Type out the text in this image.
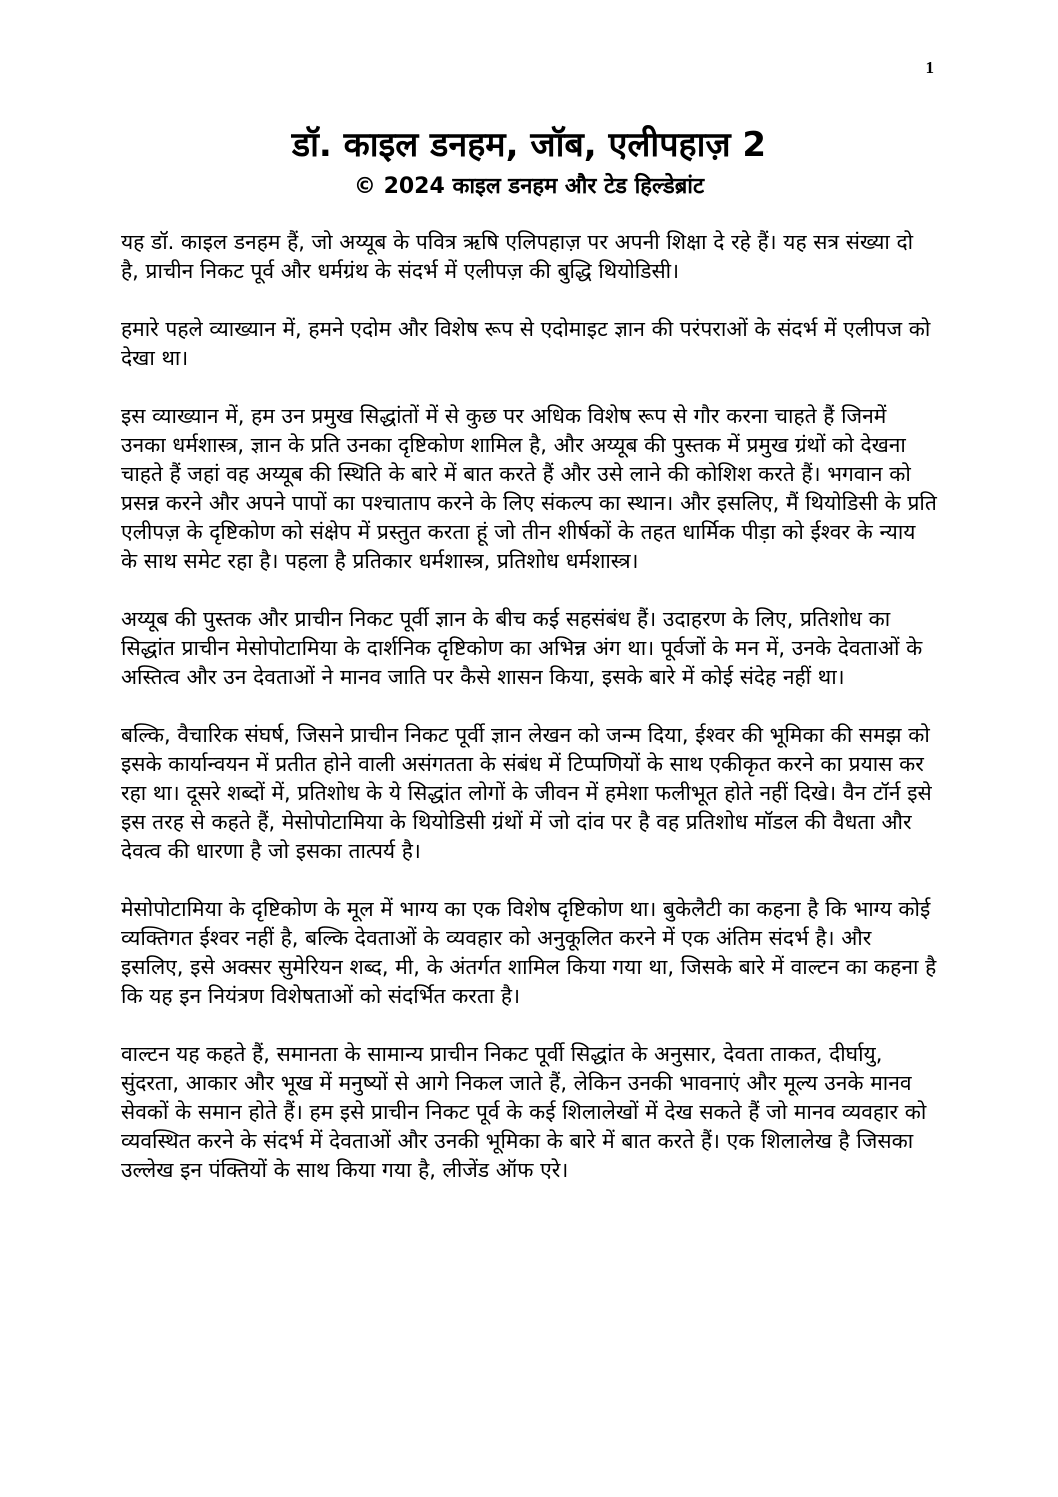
1
डॉ. काइल डनहम, जॉब, एलीपहाज़ 2
© 2024 काइल डनहम और टेड हिल्डेब्रांट

यह डॉ. काइल डनहम हैं, जो अय्यूब के पवित्र ऋषि एलिपहाज़ पर अपनी शिक्षा दे रहे हैं। यह सत्र संख्या दो है, प्राचीन निकट पूर्व और धर्मग्रंथ के संदर्भ में एलीपज़ की बुद्धि थियोडिसी।

हमारे पहले व्याख्यान में, हमने एदोम और विशेष रूप से एदोमाइट ज्ञान की परंपराओं के संदर्भ में एलीपज को देखा था।

इस व्याख्यान में, हम उन प्रमुख सिद्धांतों में से कुछ पर अधिक विशेष रूप से गौर करना चाहते हैं जिनमें उनका धर्मशास्त्र, ज्ञान के प्रति उनका दृष्टिकोण शामिल है, और अय्यूब की पुस्तक में प्रमुख ग्रंथों को देखना चाहते हैं जहां वह अय्यूब की स्थिति के बारे में बात करते हैं और उसे लाने की कोशिश करते हैं। भगवान को प्रसन्न करने और अपने पापों का पश्चाताप करने के लिए संकल्प का स्थान। और इसलिए, मैं थियोडिसी के प्रति एलीपज़ के दृष्टिकोण को संक्षेप में प्रस्तुत करता हूं जो तीन शीर्षकों के तहत धार्मिक पीड़ा को ईश्वर के न्याय के साथ समेट रहा है। पहला है प्रतिकार धर्मशास्त्र, प्रतिशोध धर्मशास्त्र।

अय्यूब की पुस्तक और प्राचीन निकट पूर्वी ज्ञान के बीच कई सहसंबंध हैं। उदाहरण के लिए, प्रतिशोध का सिद्धांत प्राचीन मेसोपोटामिया के दार्शनिक दृष्टिकोण का अभिन्न अंग था। पूर्वजों के मन में, उनके देवताओं के अस्तित्व और उन देवताओं ने मानव जाति पर कैसे शासन किया, इसके बारे में कोई संदेह नहीं था।

बल्कि, वैचारिक संघर्ष, जिसने प्राचीन निकट पूर्वी ज्ञान लेखन को जन्म दिया, ईश्वर की भूमिका की समझ को इसके कार्यान्वयन में प्रतीत होने वाली असंगतता के संबंध में टिप्पणियों के साथ एकीकृत करने का प्रयास कर रहा था। दूसरे शब्दों में, प्रतिशोध के ये सिद्धांत लोगों के जीवन में हमेशा फलीभूत होते नहीं दिखे। वैन टॉर्न इसे इस तरह से कहते हैं, मेसोपोटामिया के थियोडिसी ग्रंथों में जो दांव पर है वह प्रतिशोध मॉडल की वैधता और देवत्व की धारणा है जो इसका तात्पर्य है।

मेसोपोटामिया के दृष्टिकोण के मूल में भाग्य का एक विशेष दृष्टिकोण था। बुकेलैटी का कहना है कि भाग्य कोई व्यक्तिगत ईश्वर नहीं है, बल्कि देवताओं के व्यवहार को अनुकूलित करने में एक अंतिम संदर्भ है। और इसलिए, इसे अक्सर सुमेरियन शब्द, मी, के अंतर्गत शामिल किया गया था, जिसके बारे में वाल्टन का कहना है कि यह इन नियंत्रण विशेषताओं को संदर्भित करता है।

वाल्टन यह कहते हैं, समानता के सामान्य प्राचीन निकट पूर्वी सिद्धांत के अनुसार, देवता ताकत, दीर्घायु, सुंदरता, आकार और भूख में मनुष्यों से आगे निकल जाते हैं, लेकिन उनकी भावनाएं और मूल्य उनके मानव सेवकों के समान होते हैं। हम इसे प्राचीन निकट पूर्व के कई शिलालेखों में देख सकते हैं जो मानव व्यवहार को व्यवस्थित करने के संदर्भ में देवताओं और उनकी भूमिका के बारे में बात करते हैं। एक शिलालेख है जिसका उल्लेख इन पंक्तियों के साथ किया गया है, लीजेंड ऑफ एरे।
